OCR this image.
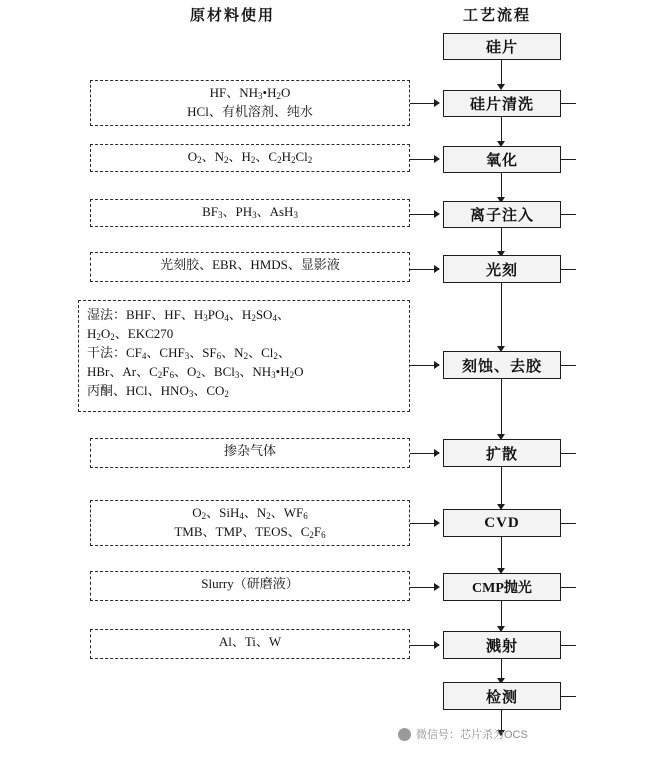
原材料使用	工艺流程
硅片
硅片清洗
氧化
离子注入
光刻
刻蚀、去胶
扩散
CVD
CMP抛光
溅射
检测
HF、$NH_3•H_2O$
HCl、有机溶剂、纯水
$O_2$、$N_2$、$H_2$、$C_2H_2Cl_2$
$BF_3$、$PH_3$、AsH$_3$
光刻胶、EBR、HMDS、显影液
湿法：BHF、HF、$H_3PO_4$、$H_2SO_4$、
$H_2O_2$、EKC270
干法：$CF_4$、$CHF_3$、$SF_6$、$N_2$、$Cl_2$、
HBr、Ar、$C_2F_6$、$O_2$、BCl$_3$、$NH_3•H_2O$
丙酮、HCl、$HNO_3$、$CO_2$
掺杂气体
$O_2$、SiH$_4$、$N_2$、$WF_6$
TMB、TMP、TEOS、$C_2F_6$
Slurry（研磨液）
Al、Ti、W
微信号：芯片杀为OCS
